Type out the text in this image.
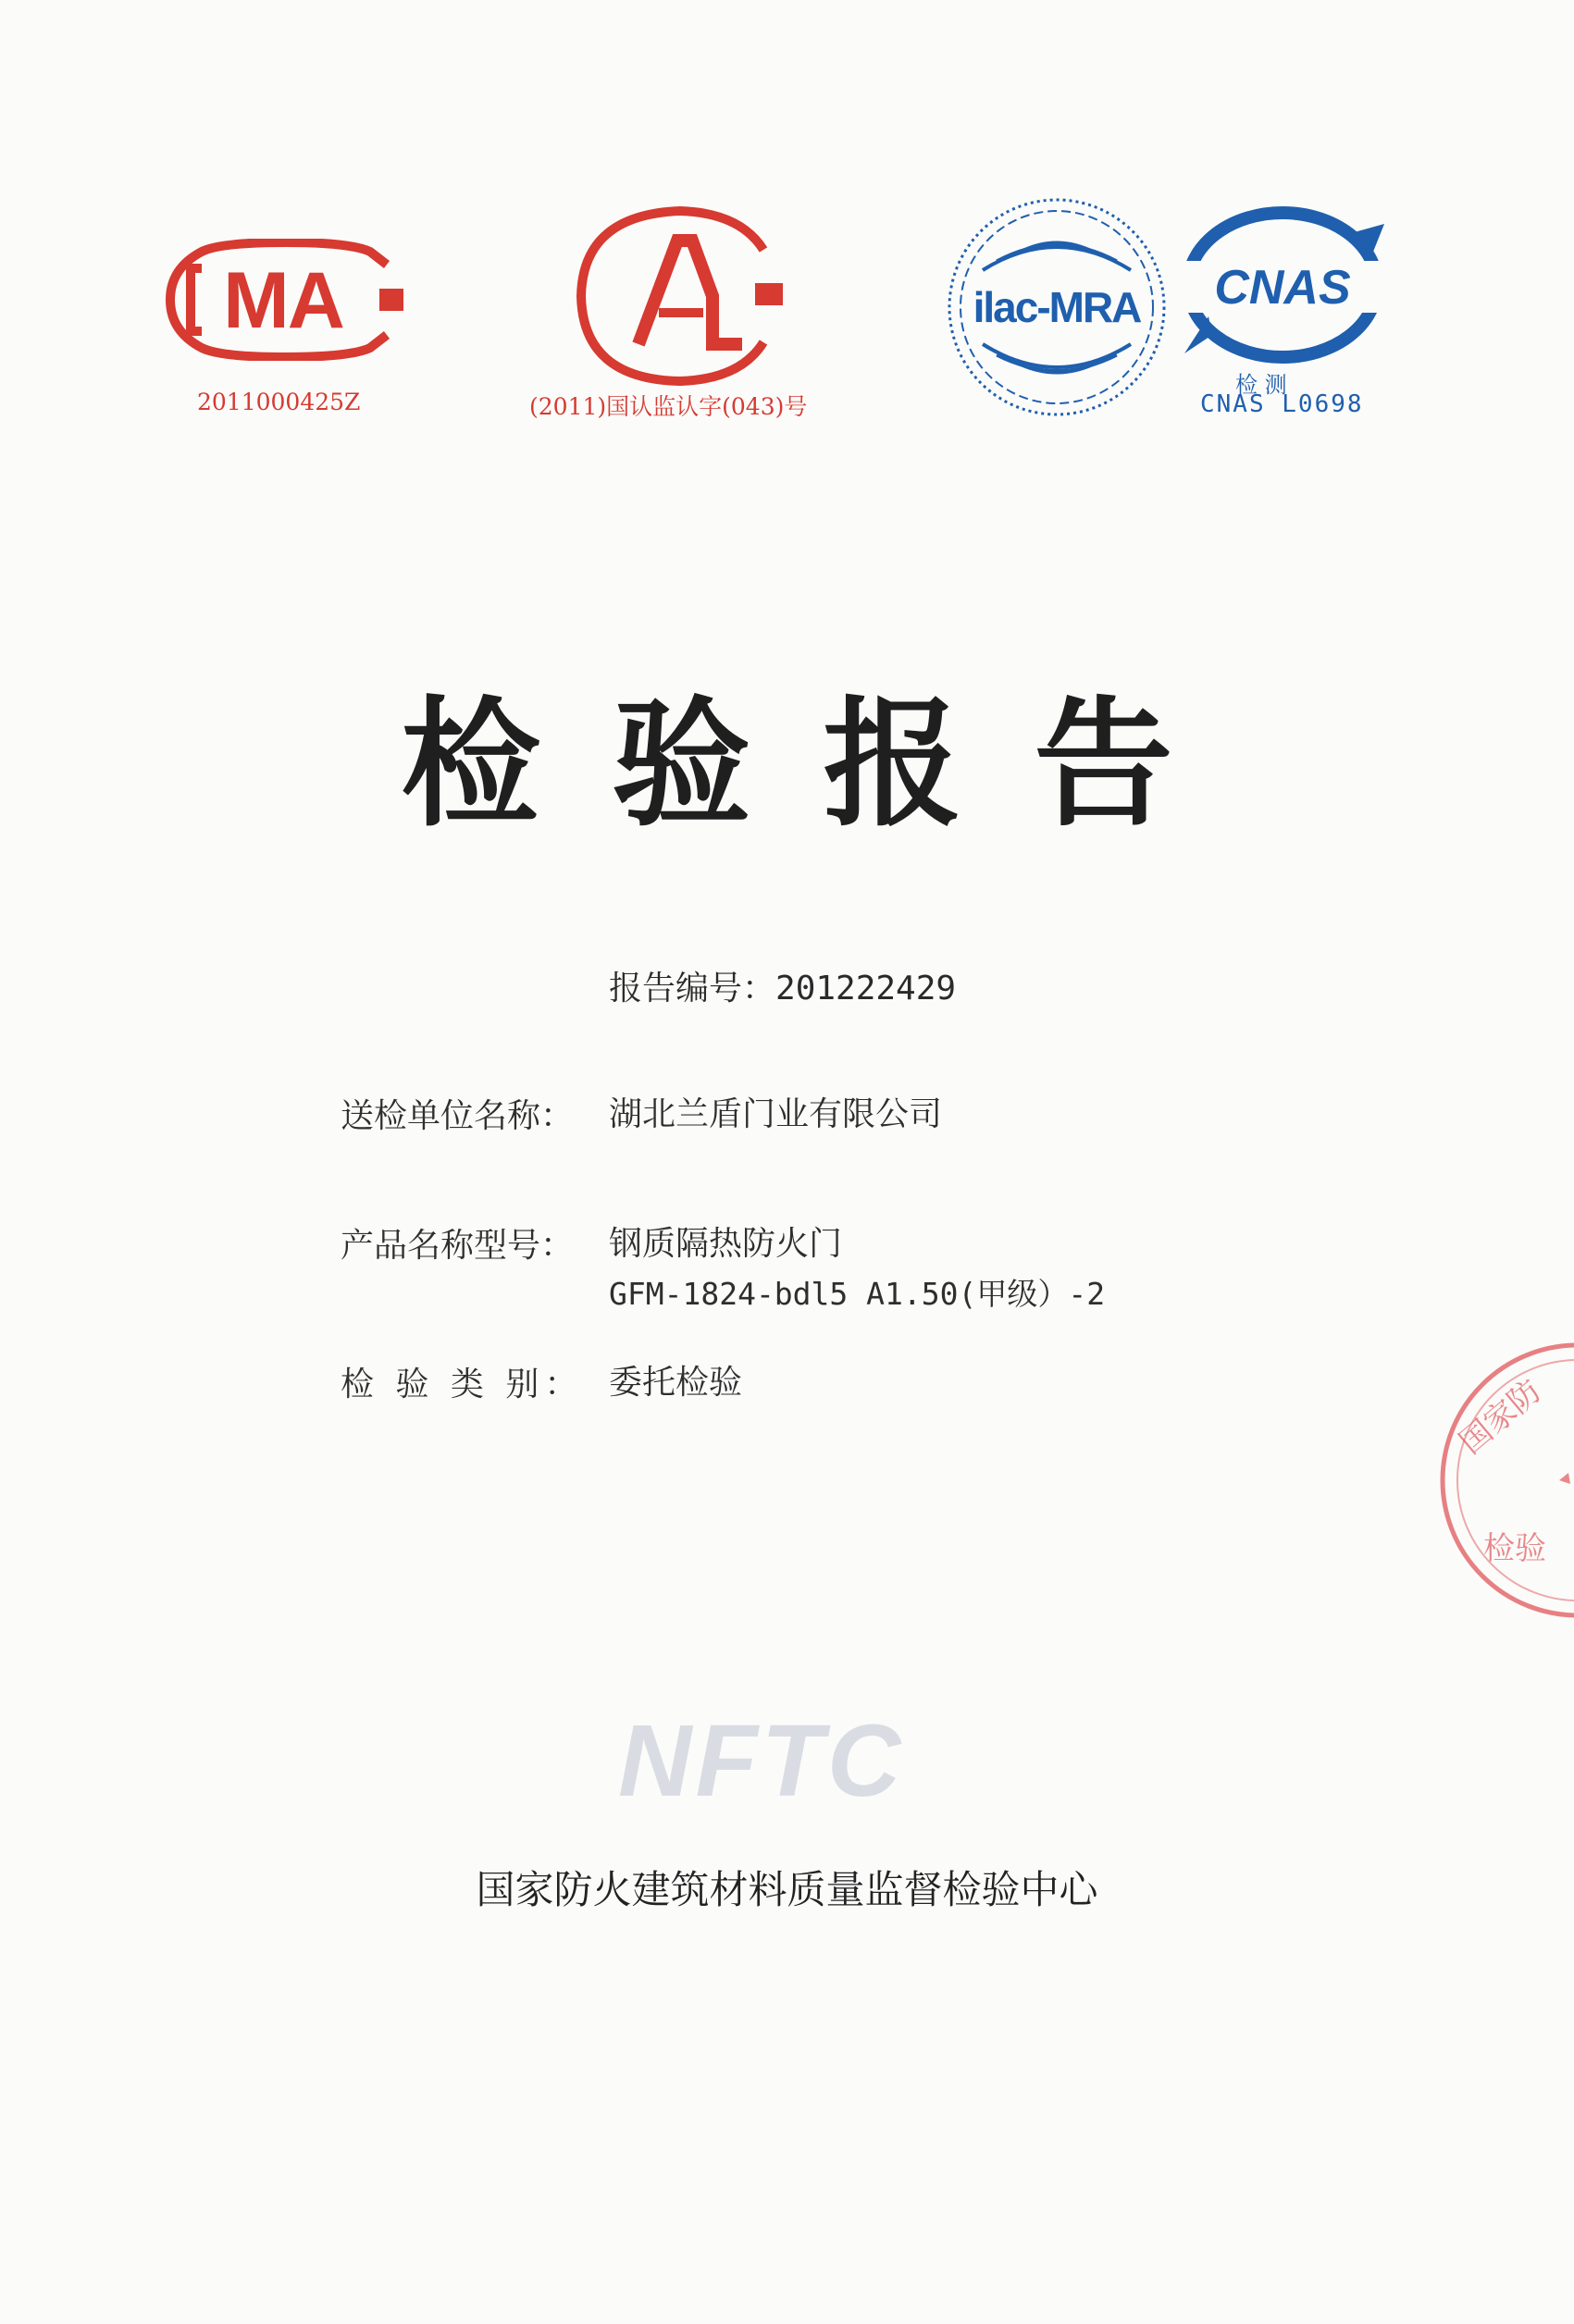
MA
2011000425Z	(2011)国认监认字(043)号
ilac-MRA CNAS
检 测
CNAS L0698
检验报告
报告编号：201222429
送检单位名称： 湖北兰盾门业有限公司
产品名称型号： 钢质隔热防火门
GFM-1824-bdl5 A1.50(甲级）-2
检 验 类 别： 委托检验
NFTC
国家防火建筑材料质量监督检验中心
国家防
检验
